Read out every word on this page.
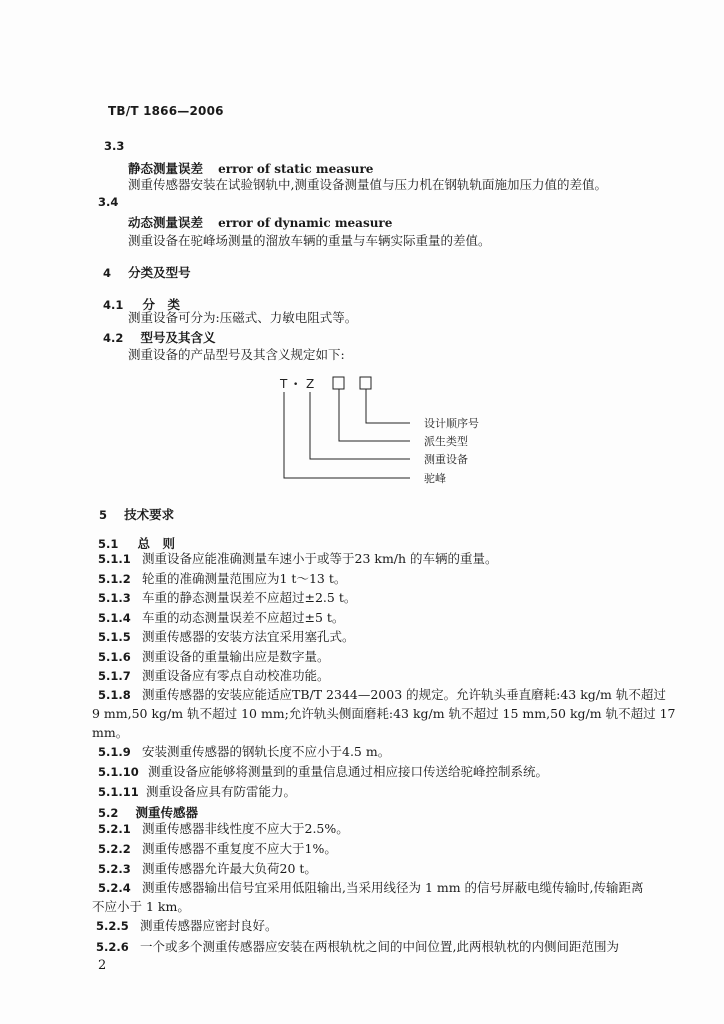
TB/T 1866—2006
3.3
静态测量误差 error of static measure
测重传感器安装在试验钢轨中,测重设备测量值与压力机在钢轨轨面施加压力值的差值。
3.4
动态测量误差 error of dynamic measure
测重设备在驼峰场测量的溜放车辆的重量与车辆实际重量的差值。
4 分类及型号
4.1 分　类
测重设备可分为:压磁式、力敏电阻式等。
4.2 型号及其含义
测重设备的产品型号及其含义规定如下:
T • Z
设计顺序号
派生类型
测重设备
驼峰
5 技术要求
5.1 总　则
5.1.1 测重设备应能准确测量车速小于或等于23 km/h 的车辆的重量。
5.1.2 轮重的准确测量范围应为1 t～13 t。
5.1.3 车重的静态测量误差不应超过±2.5 t。
5.1.4 车重的动态测量误差不应超过±5 t。
5.1.5 测重传感器的安装方法宜采用塞孔式。
5.1.6 测重设备的重量输出应是数字量。
5.1.7 测重设备应有零点自动校准功能。
5.1.8 测重传感器的安装应能适应TB/T 2344—2003 的规定。允许轨头垂直磨耗:43 kg/m 轨不超过
9 mm,50 kg/m 轨不超过 10 mm;允许轨头侧面磨耗:43 kg/m 轨不超过 15 mm,50 kg/m 轨不超过 17
mm。
5.1.9 安装测重传感器的钢轨长度不应小于4.5 m。
5.1.10 测重设备应能够将测量到的重量信息通过相应接口传送给驼峰控制系统。
5.1.11 测重设备应具有防雷能力。
5.2 测重传感器
5.2.1 测重传感器非线性度不应大于2.5%。
5.2.2 测重传感器不重复度不应大于1%。
5.2.3 测重传感器允许最大负荷20 t。
5.2.4 测重传感器输出信号宜采用低阻输出,当采用线径为 1 mm 的信号屏蔽电缆传输时,传输距离
不应小于 1 km。
5.2.5 测重传感器应密封良好。
5.2.6 一个或多个测重传感器应安装在两根轨枕之间的中间位置,此两根轨枕的内侧间距范围为
2
